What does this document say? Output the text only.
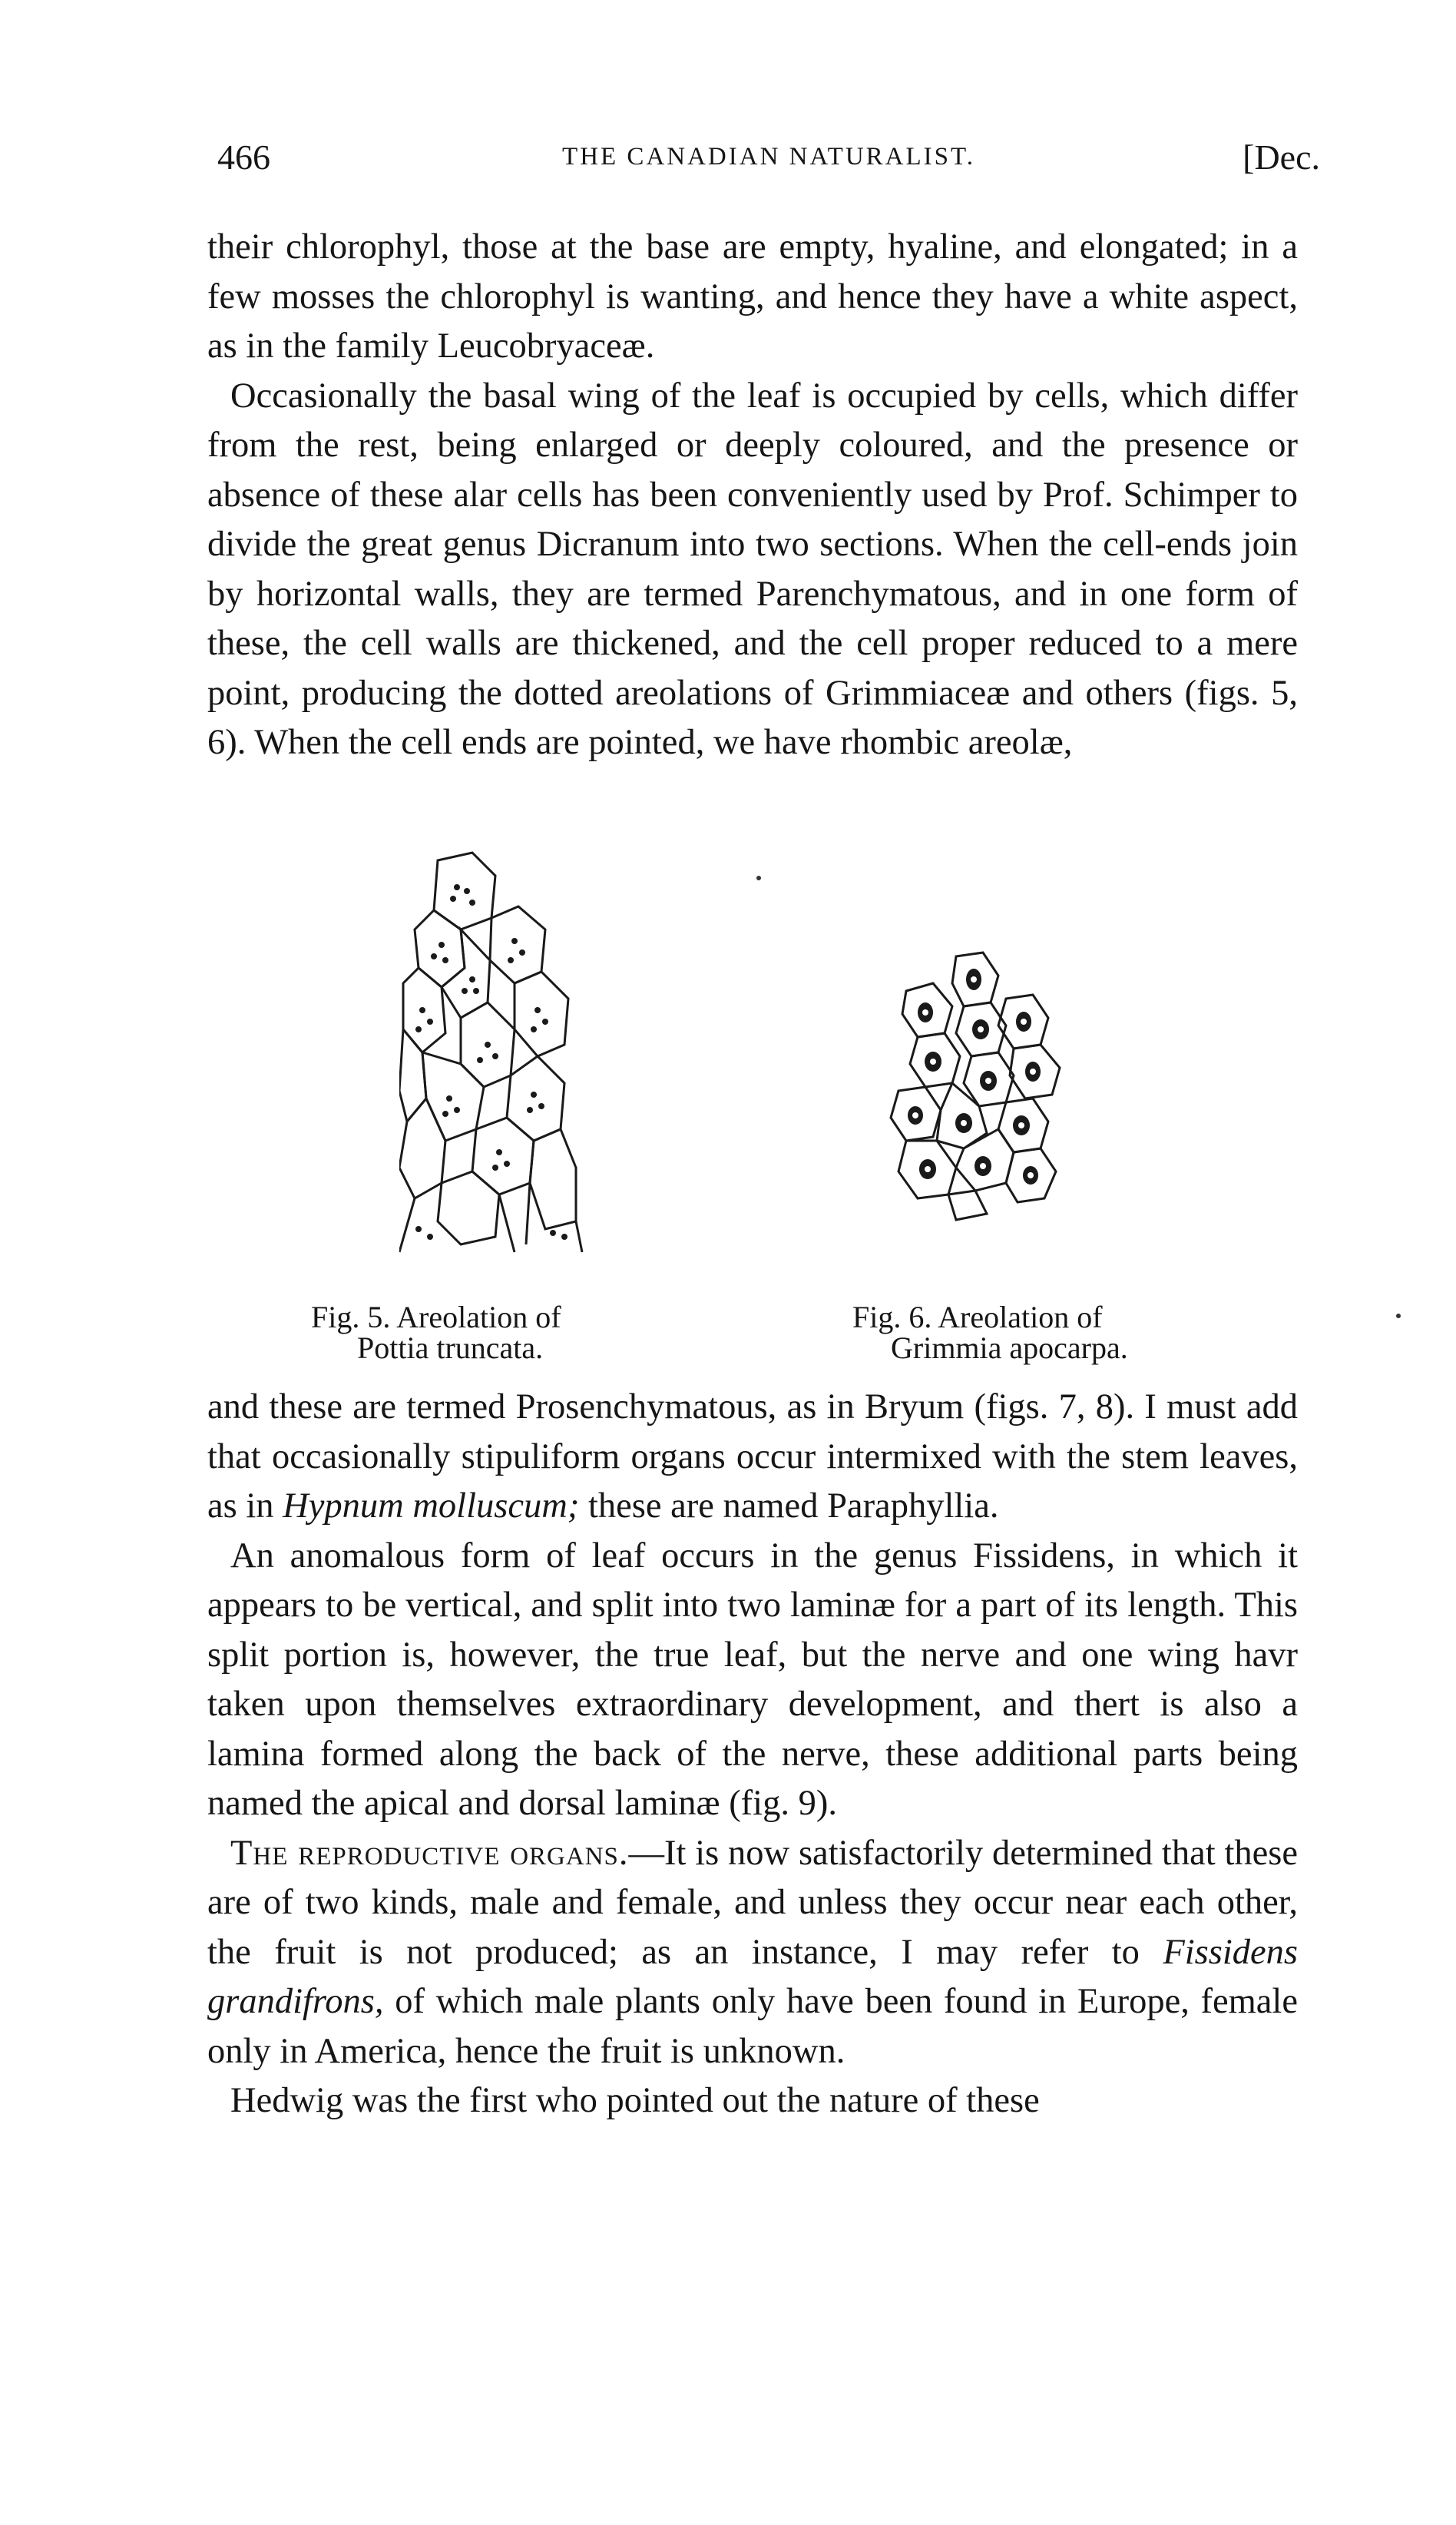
466	THE CANADIAN NATURALIST.	[Dec.

their chlorophyl, those at the base are empty, hyaline, and elongated; in a few mosses the chlorophyl is wanting, and hence they have a white aspect, as in the family Leucobryaceæ.

Occasionally the basal wing of the leaf is occupied by cells, which differ from the rest, being enlarged or deeply coloured, and the presence or absence of these alar cells has been conveniently used by Prof. Schimper to divide the great genus Dicranum into two sections. When the cell-ends join by horizontal walls, they are termed Parenchymatous, and in one form of these, the cell walls are thickened, and the cell proper reduced to a mere point, producing the dotted areolations of Grimmiaceæ and others (figs. 5, 6). When the cell ends are pointed, we have rhombic areolæ,

Fig. 5. Areolation of
Pottia truncata.
Fig. 6. Areolation of
Grimmia apocarpa.

and these are termed Prosenchymatous, as in Bryum (figs. 7, 8). I must add that occasionally stipuliform organs occur intermixed with the stem leaves, as in Hypnum molluscum; these are named Paraphyllia.

An anomalous form of leaf occurs in the genus Fissidens, in which it appears to be vertical, and split into two laminæ for a part of its length. This split portion is, however, the true leaf, but the nerve and one wing havr taken upon themselves extraordinary development, and thert is also a lamina formed along the back of the nerve, these additional parts being named the apical and dorsal laminæ (fig. 9).

The reproductive organs.—It is now satisfactorily determined that these are of two kinds, male and female, and unless they occur near each other, the fruit is not produced; as an instance, I may refer to Fissidens grandifrons, of which male plants only have been found in Europe, female only in America, hence the fruit is unknown.

Hedwig was the first who pointed out the nature of these
